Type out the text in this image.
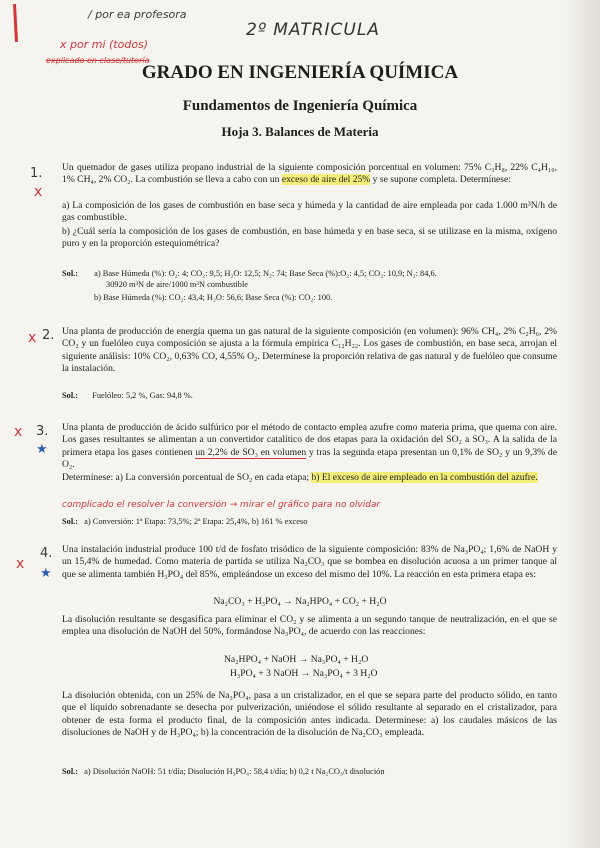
/ por ea profesora
x por mi (todos)
explicado en clase/tutoría
2º MATRICULA
GRADO EN INGENIERÍA QUÍMICA
Fundamentos de Ingeniería Química
Hoja 3. Balances de Materia
1.
x
Un quemador de gases utiliza propano industrial de la siguiente composición porcentual en volumen: 75% C₃H₈, 22% C₄H₁₀, 1% CH₄, 2% CO₂. La combustión se lleva a cabo con un exceso de aire del 25% y se supone completa. Determínese:
a) La composición de los gases de combustión en base seca y húmeda y la cantidad de aire empleada por cada 1.000 m³N/h de gas combustible.
b) ¿Cuál sería la composición de los gases de combustión, en base húmeda y en base seca, si se utilizase en la misma, oxígeno puro y en la proporción estequiométrica?
Sol.: a) Base Húmeda (%): O₂: 4; CO₂: 9,5; H₂O: 12,5; N₂: 74; Base Seca (%):O₂: 4,5; CO₂: 10,9; N₂: 84,6.
30920 m³N de aire/1000 m³N combustible
b) Base Húmeda (%): CO₂: 43,4; H₂O: 56,6; Base Seca (%): CO₂: 100.
x 2. Una planta de producción de energía quema un gas natural de la siguiente composición (en volumen): 96% CH₄, 2% C₂H₆, 2% CO₂ y un fuelóleo cuya composición se ajusta a la fórmula empírica C₁₂H₂₂. Los gases de combustión, en base seca, arrojan el siguiente análisis: 10% CO₂, 0,63% CO, 4,55% O₂. Determínese la proporción relativa de gas natural y de fuelóleo que consume la instalación.
Sol.: Fuelóleo: 5,2 %, Gas: 94,8 %.
x 3.
★
Una planta de producción de ácido sulfúrico por el método de contacto emplea azufre como materia prima, que quema con aire. Los gases resultantes se alimentan a un convertidor catalítico de dos etapas para la oxidación del SO₂ a SO₃. A la salida de la primera etapa los gases contienen un 2,2% de SO₃ en volumen y tras la segunda etapa presentan un 0,1% de SO₂ y un 9,3% de O₂.
Determínese: a) La conversión porcentual de SO₂ en cada etapa; b) El exceso de aire empleado en la combustión del azufre.
complicado el resolver la conversión → mirar el gráfico para no olvidar
Sol.: a) Conversión: 1ª Etapa: 73,5%; 2ª Etapa: 25,4%, b) 161 % exceso
x
4.
★
Una instalación industrial produce 100 t/d de fosfato trisódico de la siguiente composición: 83% de Na₃PO₄; 1,6% de NaOH y un 15,4% de humedad. Como materia de partida se utiliza Na₂CO₃ que se bombea en disolución acuosa a un primer tanque al que se alimenta también H₃PO₄ del 85%, empleándose un exceso del mismo del 10%. La reacción en esta primera etapa es:
Na₂CO₃ + H₃PO₄ → Na₂HPO₄ + CO₂ + H₂O
La disolución resultante se desgasifica para eliminar el CO₂ y se alimenta a un segundo tanque de neutralización, en el que se emplea una disolución de NaOH del 50%, formándose Na₃PO₄, de acuerdo con las reacciones:
Na₂HPO₄ + NaOH → Na₃PO₄ + H₂O
H₃PO₄ + 3 NaOH → Na₃PO₄ + 3 H₂O
La disolución obtenida, con un 25% de Na₃PO₄, pasa a un cristalizador, en el que se separa parte del producto sólido, en tanto que el líquido sobrenadante se desecha por pulverización, uniéndose el sólido resultante al separado en el cristalizador, para obtener de esta forma el producto final, de la composición antes indicada. Determínese: a) los caudales másicos de las disoluciones de NaOH y de H₃PO₄; b) la concentración de la disolución de Na₂CO₃ empleada.
Sol.: a) Disolución NaOH: 51 t/día; Disolución H₃PO₄: 58,4 t/día; b) 0,2 t Na₂CO₃/t disolución
